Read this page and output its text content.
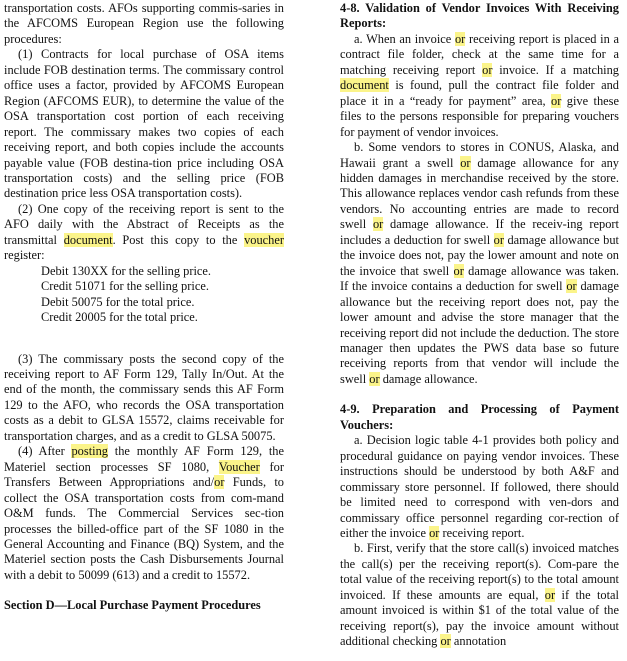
transportation costs. AFOs supporting commis-saries in the AFCOMS European Region use the following procedures:

(1) Contracts for local purchase of OSA items include FOB destination terms. The commissary control office uses a factor, provided by AFCOMS European Region (AFCOMS EUR), to determine the value of the OSA transportation cost portion of each receiving report. The commissary makes two copies of each receiving report, and both copies include the accounts payable value (FOB destina-tion price including OSA transportation costs) and the selling price (FOB destination price less OSA transportation costs).

(2) One copy of the receiving report is sent to the AFO daily with the Abstract of Receipts as the transmittal document. Post this copy to the voucher register:

Debit 130XX for the selling price.
Credit 51071 for the selling price.
Debit 50075 for the total price.
Credit 20005 for the total price.

(3) The commissary posts the second copy of the receiving report to AF Form 129, Tally In/Out. At the end of the month, the commissary sends this AF Form 129 to the AFO, who records the OSA transportation costs as a debit to GLSA 15572, claims receivable for transportation charges, and as a credit to GLSA 50075.

(4) After posting the monthly AF Form 129, the Materiel section processes SF 1080, Voucher for Transfers Between Appropriations and/or Funds, to collect the OSA transportation costs from com-mand O&M funds. The Commercial Services sec-tion processes the billed-office part of the SF 1080 in the General Accounting and Finance (BQ) System, and the Materiel section posts the Cash Disbursements Journal with a debit to 50099 (613) and a credit to 15572.

Section D—Local Purchase Payment Procedures

4-8. Validation of Vendor Invoices With Receiving Reports:

a. When an invoice or receiving report is placed in a contract file folder, check at the same time for a matching receiving report or invoice. If a matching document is found, pull the contract file folder and place it in a “ready for payment” area, or give these files to the persons responsible for preparing vouchers for payment of vendor invoices.

b. Some vendors to stores in CONUS, Alaska, and Hawaii grant a swell or damage allowance for any hidden damages in merchandise received by the store. This allowance replaces vendor cash refunds from these vendors. No accounting entries are made to record swell or damage allowance. If the receiv-ing report includes a deduction for swell or damage allowance but the invoice does not, pay the lower amount and note on the invoice that swell or damage allowance was taken. If the invoice contains a deduction for swell or damage allowance but the receiving report does not, pay the lower amount and advise the store manager that the receiving report did not include the deduction. The store manager then updates the PWS data base so future receiving reports from that vendor will include the swell or damage allowance.

4-9. Preparation and Processing of Payment Vouchers:

a. Decision logic table 4-1 provides both policy and procedural guidance on paying vendor invoices. These instructions should be understood by both A&F and commissary store personnel. If followed, there should be limited need to correspond with ven-dors and commissary office personnel regarding cor-rection of either the invoice or receiving report.

b. First, verify that the store call(s) invoiced matches the call(s) per the receiving report(s). Com-pare the total value of the receiving report(s) to the total amount invoiced. If these amounts are equal, or if the total amount invoiced is within $1 of the total value of the receiving report(s), pay the invoice amount without additional checking or annotation
